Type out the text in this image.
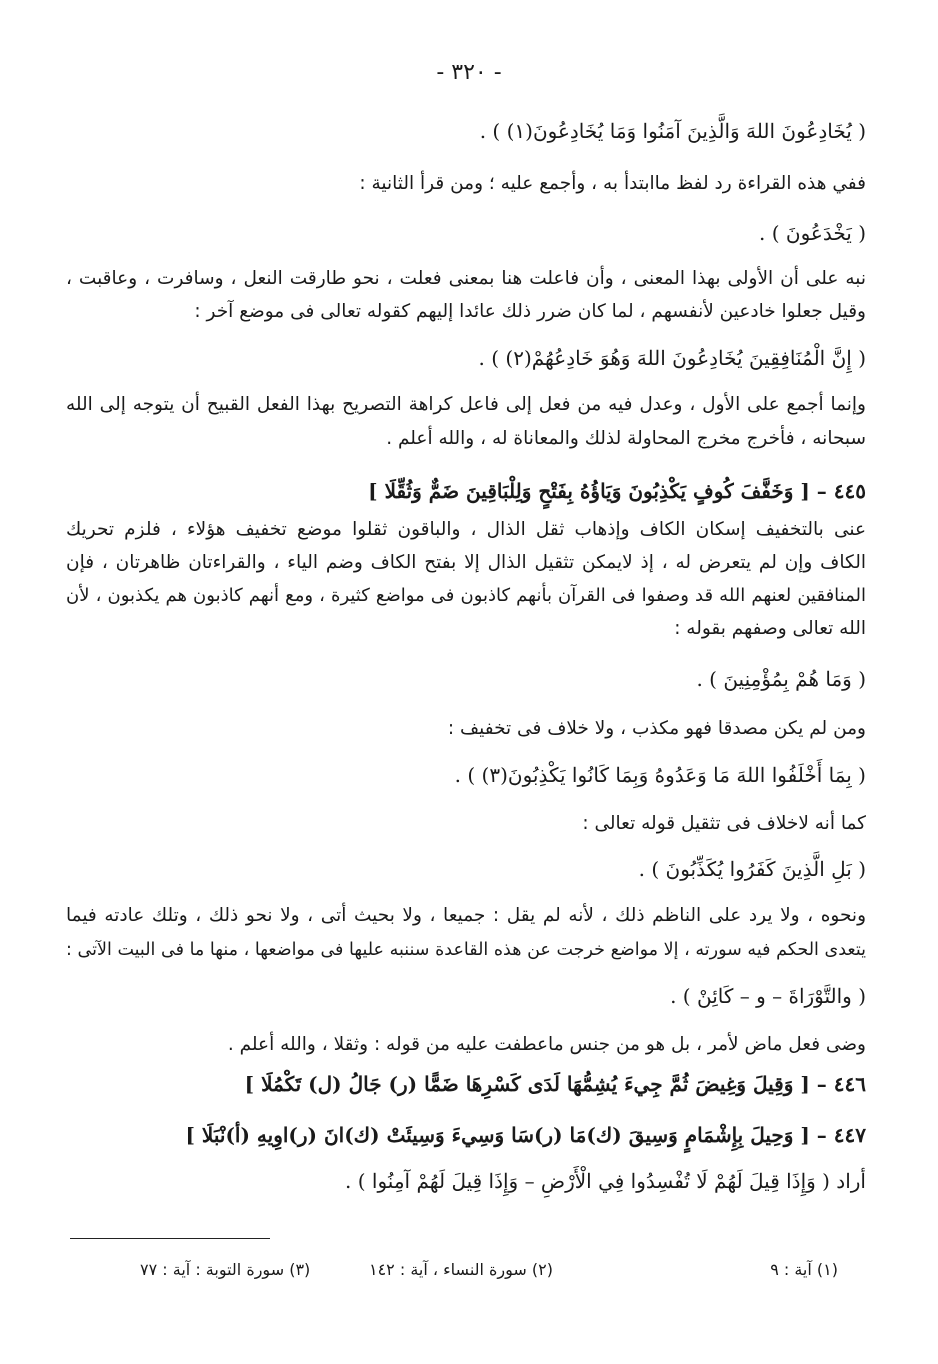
- ٣٢٠ -
( يُخَادِعُونَ اللهَ وَالَّذِينَ آمَنُوا وَمَا يُخَادِعُونَ(١) ) .
ففي هذه القراءة رد لفظ ماابتدأ به ، وأجمع عليه ؛ ومن قرأ الثانية :
( يَخْدَعُونَ ) .
نبه على أن الأولى بهذا المعنى ، وأن فاعلت هنا بمعنى فعلت ، نحو طارقت النعل ، وسافرت ، وعاقبت ،
وقيل جعلوا خادعين لأنفسهم ، لما كان ضرر ذلك عائدا إليهم كقوله تعالى فى موضع آخر :
( إِنَّ الْمُنَافِقِينَ يُخَادِعُونَ اللهَ وَهُوَ خَادِعُهُمْ(٢) ) .
وإنما أجمع على الأول ، وعدل فيه من فعل إلى فاعل كراهة التصريح بهذا الفعل القبيح أن يتوجه إلى الله
سبحانه ، فأخرج مخرج المحاولة لذلك والمعاناة له ، والله أعلم .
٤٤٥ – [ وَخَفَّفَ كُوفٍ يَكْذِبُونَ وَيَاؤُهُ بِفَتْحٍ وَلِلْبَاقِينَ ضَمٌّ وَثُقِّلَا ]
عنى بالتخفيف إسكان الكاف وإذهاب ثقل الذال ، والباقون ثقلوا موضع تخفيف هؤلاء ، فلزم تحريك
الكاف وإن لم يتعرض له ، إذ لايمكن تثقيل الذال إلا بفتح الكاف وضم الياء ، والقراءتان ظاهرتان ، فإن
المنافقين لعنهم الله قد وصفوا فى القرآن بأنهم كاذبون فى مواضع كثيرة ، ومع أنهم كاذبون هم يكذبون ، لأن
الله تعالى وصفهم بقوله :
( وَمَا هُمْ بِمُؤْمِنِينَ ) .
ومن لم يكن مصدقا فهو مكذب ، ولا خلاف فى تخفيف :
( بِمَا أَخْلَفُوا اللهَ مَا وَعَدُوهُ وَبِمَا كَانُوا يَكْذِبُونَ(٣) ) .
كما أنه لاخلاف فى تثقيل قوله تعالى :
( بَلِ الَّذِينَ كَفَرُوا يُكَذِّبُونَ ) .
ونحوه ، ولا يرد على الناظم ذلك ، لأنه لم يقل : جميعا ، ولا بحيث أتى ، ولا نحو ذلك ، وتلك عادته فيما
يتعدى الحكم فيه سورته ، إلا مواضع خرجت عن هذه القاعدة سننبه عليها فى مواضعها ، منها ما فى البيت الآتى :
( والتَّوْرَاةَ – و – كَائِنْ ) .
وضى فعل ماض لأمر ، بل هو من جنس ماعطفت عليه من قوله : وثقلا ، والله أعلم .
٤٤٦ – [ وَقِيلَ وَغِيضَ ثُمَّ جِيءَ يُشِمُّهَا لَدَى كَسْرِهَا ضَمًّا (ر) جَالُ (ل) تَكْمُلَا ]
٤٤٧ – [ وَحِيلَ بِإِشْمَامٍ وَسِيقَ (ك)مَا (ر)سَا وَسِيءَ وَسِيئَتْ (ك)انَ (ر)اوِيهِ (أ)نْبَلَا ]
أراد ( وَإِذَا قِيلَ لَهُمْ لَا تُفْسِدُوا فِي الْأَرْضِ – وَإِذَا قِيلَ لَهُمْ آمِنُوا ) .
(١) آية : ٩
(٢) سورة النساء ، آية : ١٤٢
(٣) سورة التوبة : آية : ٧٧
